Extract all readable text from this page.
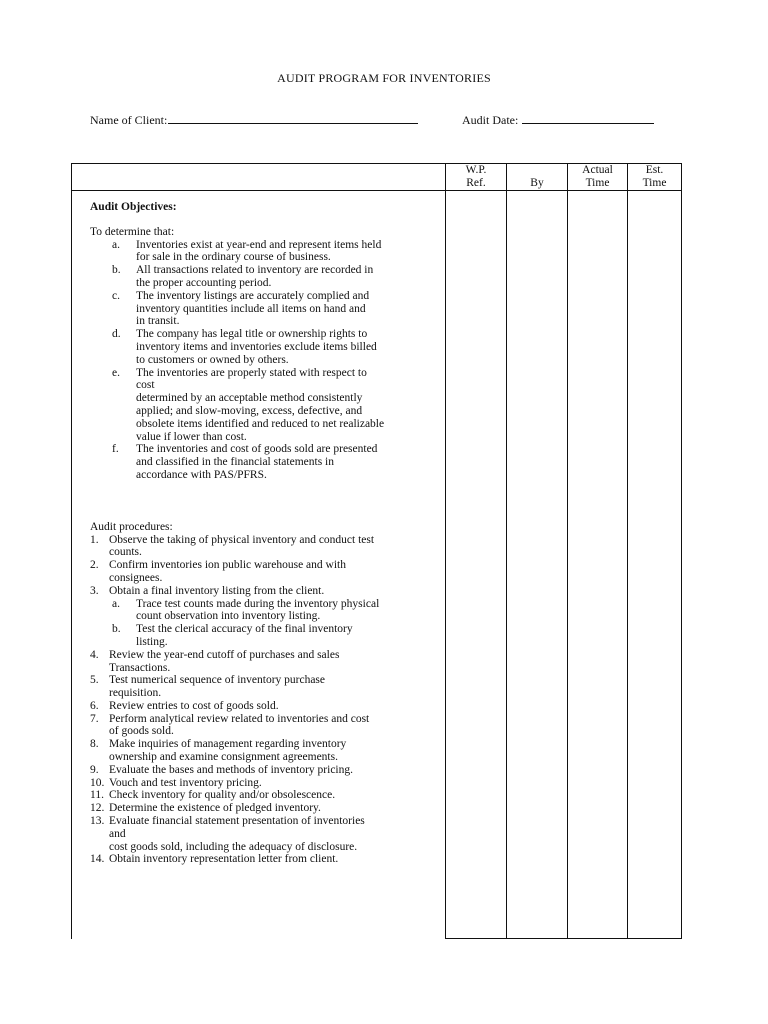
AUDIT PROGRAM FOR INVENTORIES
Name of Client:	Audit Date:
W.P.
Ref.
	By
Actual
Time
Est.
Time
Audit Objectives:
To determine that:
a. Inventories exist at year-end and represent items held
for sale in the ordinary course of business.
b. All transactions related to inventory are recorded in
the proper accounting period.
c. The inventory listings are accurately complied and
inventory quantities include all items on hand and
in transit.
d. The company has legal title or ownership rights to
inventory items and inventories exclude items billed
to customers or owned by others.
e. The inventories are properly stated with respect to
cost
determined by an acceptable method consistently
applied; and slow-moving, excess, defective, and
obsolete items identified and reduced to net realizable
value if lower than cost.
f. The inventories and cost of goods sold are presented
and classified in the financial statements in
accordance with PAS/PFRS.
Audit procedures:
1. Observe the taking of physical inventory and conduct test
counts.
2. Confirm inventories ion public warehouse and with
consignees.
3. Obtain a final inventory listing from the client.
a. Trace test counts made during the inventory physical
count observation into inventory listing.
b. Test the clerical accuracy of the final inventory
listing.
4. Review the year-end cutoff of purchases and sales
Transactions.
5. Test numerical sequence of inventory purchase
requisition.
6. Review entries to cost of goods sold.
7. Perform analytical review related to inventories and cost
of goods sold.
8. Make inquiries of management regarding inventory
ownership and examine consignment agreements.
9. Evaluate the bases and methods of inventory pricing.
10. Vouch and test inventory pricing.
11. Check inventory for quality and/or obsolescence.
12. Determine the existence of pledged inventory.
13. Evaluate financial statement presentation of inventories
and
cost goods sold, including the adequacy of disclosure.
14. Obtain inventory representation letter from client.
